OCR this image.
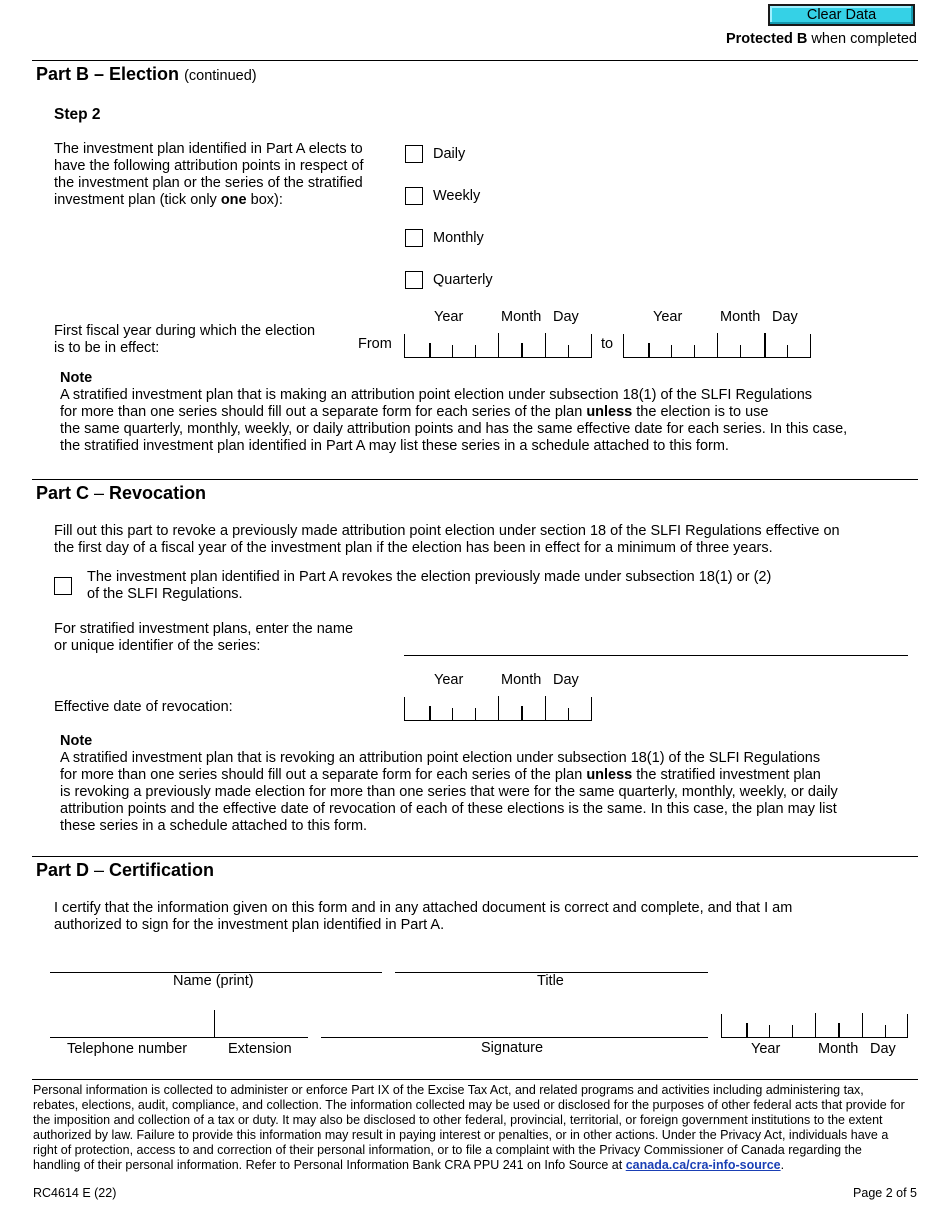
Clear Data
Protected B when completed
Part B – Election (continued)
Step 2
The investment plan identified in Part A elects to
have the following attribution points in respect of
the investment plan or the series of the stratified
investment plan (tick only one box):
Daily
Weekly
Monthly
Quarterly
Year	Month Day	Year	Month Day
First fiscal year during which the election
is to be in effect:	From	to
Note
A stratified investment plan that is making an attribution point election under subsection 18(1) of the SLFI Regulations
for more than one series should fill out a separate form for each series of the plan unless the election is to use
the same quarterly, monthly, weekly, or daily attribution points and has the same effective date for each series. In this case,
the stratified investment plan identified in Part A may list these series in a schedule attached to this form.
Part C – Revocation
Fill out this part to revoke a previously made attribution point election under section 18 of the SLFI Regulations effective on
the first day of a fiscal year of the investment plan if the election has been in effect for a minimum of three years.
The investment plan identified in Part A revokes the election previously made under subsection 18(1) or (2)
of the SLFI Regulations.
For stratified investment plans, enter the name
or unique identifier of the series:
Year	Month Day
Effective date of revocation:
Note
A stratified investment plan that is revoking an attribution point election under subsection 18(1) of the SLFI Regulations
for more than one series should fill out a separate form for each series of the plan unless the stratified investment plan
is revoking a previously made election for more than one series that were for the same quarterly, monthly, weekly, or daily
attribution points and the effective date of revocation of each of these elections is the same. In this case, the plan may list
these series in a schedule attached to this form.
Part D – Certification
I certify that the information given on this form and in any attached document is correct and complete, and that I am
authorized to sign for the investment plan identified in Part A.
Name (print)	Title
Telephone number	Extension	Signature	Year	Month Day
Personal information is collected to administer or enforce Part IX of the Excise Tax Act, and related programs and activities including administering tax,
rebates, elections, audit, compliance, and collection. The information collected may be used or disclosed for the purposes of other federal acts that provide for
the imposition and collection of a tax or duty. It may also be disclosed to other federal, provincial, territorial, or foreign government institutions to the extent
authorized by law. Failure to provide this information may result in paying interest or penalties, or in other actions. Under the Privacy Act, individuals have a
right of protection, access to and correction of their personal information, or to file a complaint with the Privacy Commissioner of Canada regarding the
handling of their personal information. Refer to Personal Information Bank CRA PPU 241 on Info Source at canada.ca/cra-info-source.
RC4614 E (22)	Page 2 of 5
